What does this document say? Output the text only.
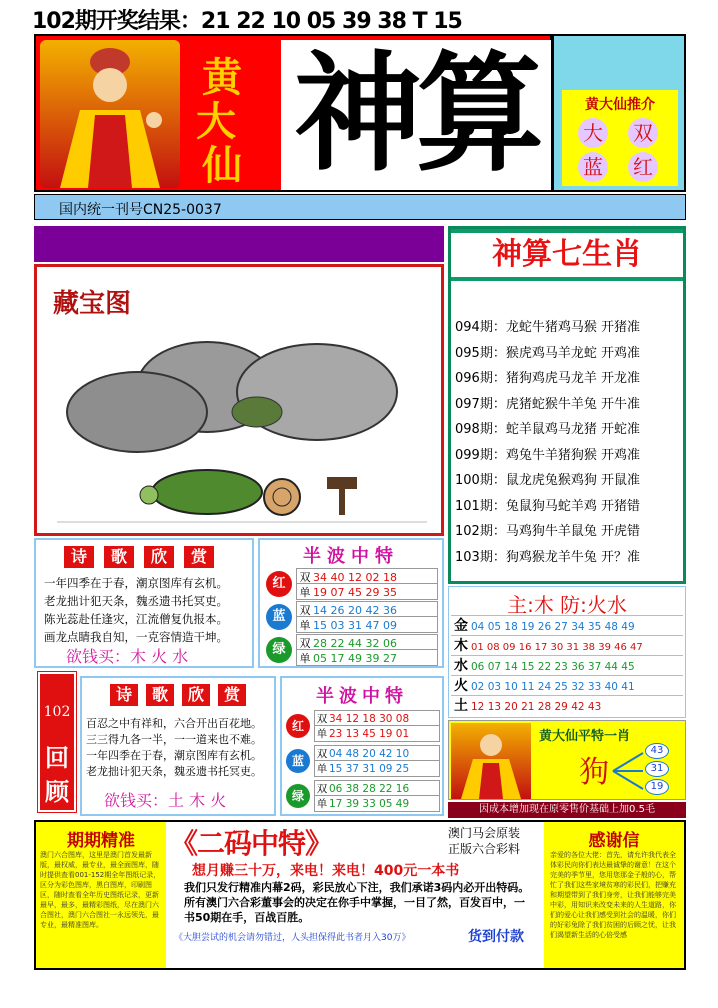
102期开奖结果：21 22 10 05 39 38 T 15
黄
大
仙 神算	黄大仙推介
大 双
蓝 红
国内统一刊号CN25-0037
藏宝图
神算七生肖
094期：龙蛇牛猪鸡马猴 开猪准
095期：猴虎鸡马羊龙蛇 开鸡准
096期：猪狗鸡虎马龙羊 开龙准
097期：虎猪蛇猴牛羊兔 开牛准
098期：蛇羊鼠鸡马龙猪 开蛇准
099期：鸡兔牛羊猪狗猴 开鸡准
100期：鼠龙虎兔猴鸡狗 开鼠准
101期：兔鼠狗马蛇羊鸡 开猪错
102期：马鸡狗牛羊鼠兔 开虎错
103期：狗鸡猴龙羊牛兔 开？准
诗 歌 欣 赏

一年四季在于春，潮京图库有玄机。

老龙拙计犯天条，魏丞遗书托冥吏。

陈光蕊赴任逢灾，江流僧复仇报本。

画龙点睛我自知，一克容情造干坤。

欲钱买：木 火 水
半波中特
红	双 34 40 12 02 18
单 19 07 45 29 35
蓝	双 14 26 20 42 36
单 15 03 31 47 09
绿	双 28 22 44 32 06
单 05 17 49 39 27
主:木 防:火水
金 04 05 18 19 26 27 34 35 48 49
木 01 08 09 16 17 30 31 38 39 46 47
水 06 07 14 15 22 23 36 37 44 45
火 02 03 10 11 24 25 32 33 40 41
土 12 13 20 21 28 29 42 43
102
回
顾
诗 歌 欣 赏

百忍之中有祥和，六合开出百花地。

三三得九各一半，一一道来也不难。

一年四季在于春，潮京图库有玄机。

老龙拙计犯天条，魏丞遗书托冥吏。

欲钱买：土 木 火
半波中特
红	双 34 12 18 30 08
单 23 13 45 19 01
蓝	双 04 48 20 42 10
单 15 37 31 09 25
绿	双 06 38 28 22 16
单 17 39 33 05 49
黄大仙平特一肖
狗
43
31
19
因成本增加现在原零售价基础上加0.5毛
期期精准
澳门六合图库，这里是澳门首发最新版，最权威，最专业，最全面图库，随时提供查看001-152期全年图纸记录，区分为彩色图库，黑白图库，印刷图区，随时查看全年历史图纸记录，更新最早，最多，最精彩图纸，尽在澳门六合图社，澳门六合图社一永远领先，最专业，最精准图库。
《二码中特》	澳门马会原装
正版六合彩料
想月赚三十万，来电！来电！400元一本书
我们只发行精准内幕2码，彩民放心下注，我们承诺3码内必开出特码。所有澳门六合彩董事会的决定在你手中掌握，一目了然，百发百中，一书50期在手，百战百胜。
《大胆尝试的机会请勿错过，人头担保得此书者月入30万》	货到付款
感谢信
亲爱的各位大佬：首先，请允许我代表全体彩民向你们表达最诚挚的谢意！在这个完美的季节里，您用您那金子般的心，帮忙了我们这些家境贫寒的彩民们，把赚充和期望带到了我们身旁，让我们能够完美中彩，用知识来改变未来的人生道路，你们的爱心让我们感受到社会的温暖，你们的好彩兔除了我们贫困的后顾之忧，让我们渴望新生活的心倍受感
